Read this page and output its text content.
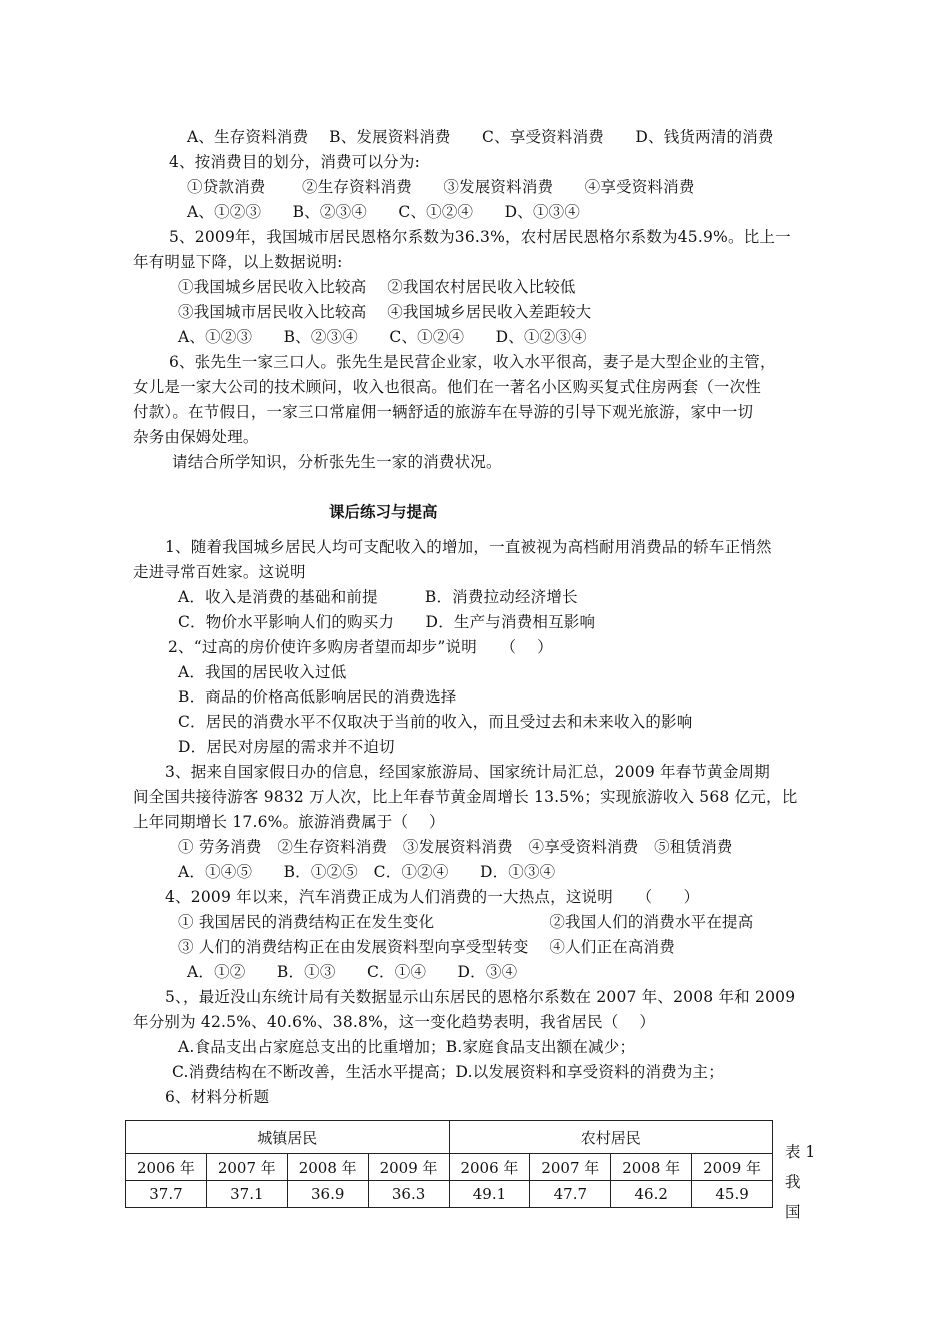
A、生存资料消费　 B、发展资料消费　　C、享受资料消费　　D、钱货两清的消费
4、按消费目的划分，消费可以分为:
①贷款消费　　 ②生存资料消费　　③发展资料消费　　④享受资料消费
A、①②③　　B、②③④　　C、①②④　　D、①③④
5、2009年，我国城市居民恩格尔系数为36.3%，农村居民恩格尔系数为45.9%。比上一
年有明显下降，以上数据说明:
①我国城乡居民收入比较高　 ②我国农村居民收入比较低
③我国城市居民收入比较高　 ④我国城乡居民收入差距较大
A、①②③　　B、②③④　　C、①②④　　D、①②③④
6、张先生一家三口人。张先生是民营企业家，收入水平很高，妻子是大型企业的主管，
女儿是一家大公司的技术顾问，收入也很高。他们在一著名小区购买复式住房两套（一次性
付款）。在节假日，一家三口常雇佣一辆舒适的旅游车在导游的引导下观光旅游，家中一切
杂务由保姆处理。
请结合所学知识，分析张先生一家的消费状况。
课后练习与提高
1、随着我国城乡居民人均可支配收入的增加，一直被视为高档耐用消费品的轿车正悄然
走进寻常百姓家。这说明
A．收入是消费的基础和前提　　　B．消费拉动经济增长
C．物价水平影响人们的购买力　　D．生产与消费相互影响
2、“过高的房价使许多购房者望而却步”说明　　（　 ）
A．我国的居民收入过低
B．商品的价格高低影响居民的消费选择
C．居民的消费水平不仅取决于当前的收入，而且受过去和未来收入的影响
D．居民对房屋的需求并不迫切
3、据来自国家假日办的信息，经国家旅游局、国家统计局汇总，2009 年春节黄金周期
间全国共接待游客 9832 万人次，比上年春节黄金周增长 13.5%；实现旅游收入 568 亿元，比
上年同期增长 17.6%。旅游消费属于（　 ）
① 劳务消费　②生存资料消费　③发展资料消费　④享受资料消费　⑤租赁消费
A．①④⑤　　B．①②⑤　C．①②④　　D．①③④
4、2009 年以来，汽车消费正成为人们消费的一大热点，这说明　　（　　）
① 我国居民的消费结构正在发生变化　　　　　　　 ②我国人们的消费水平在提高
③ 人们的消费结构正在由发展资料型向享受型转变　 ④人们正在高消费
A．①②　　B．①③　　C．①④　　D．③④
5、，最近没山东统计局有关数据显示山东居民的恩格尔系数在 2007 年、2008 年和 2009
年分别为 42.5%、40.6%、38.8%，这一变化趋势表明，我省居民（　 ）
A.食品支出占家庭总支出的比重增加；B.家庭食品支出额在减少；
C.消费结构在不断改善，生活水平提高；D.以发展资料和享受资料的消费为主；
6、材料分析题
城镇居民				农村居民			
2006 年	2007 年	2008 年	2009 年	2006 年	2007 年	2008 年	2009 年
37.7	37.1	36.9	36.3	49.1	47.7	46.2	45.9
表 1
我
国
